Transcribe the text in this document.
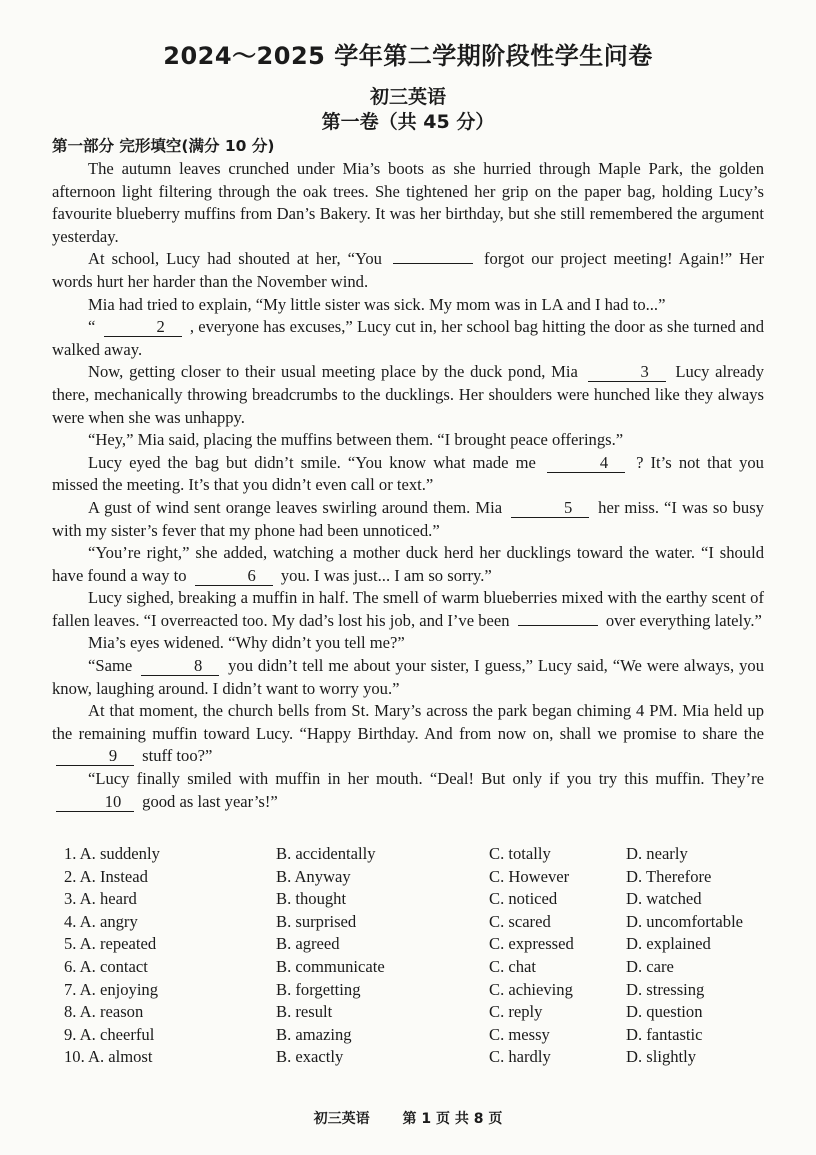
2024～2025 学年第二学期阶段性学生问卷
初三英语
第一卷（共 45 分）
第一部分 完形填空(满分 10 分)

The autumn leaves crunched under Mia’s boots as she hurried through Maple Park, the golden afternoon light filtering through the oak trees. She tightened her grip on the paper bag, holding Lucy’s favourite blueberry muffins from Dan’s Bakery. It was her birthday, but she still remembered the argument yesterday.

At school, Lucy had shouted at her, “You	forgot our project meeting! Again!” Her words hurt her harder than the November wind.

Mia had tried to explain, “My little sister was sick. My mom was in LA and I had to...”

“	2 , everyone has excuses,” Lucy cut in, her school bag hitting the door as she turned and walked away.

Now, getting closer to their usual meeting place by the duck pond, Mia	3 Lucy already there, mechanically throwing breadcrumbs to the ducklings. Her shoulders were hunched like they always were when she was unhappy.

“Hey,” Mia said, placing the muffins between them. “I brought peace offerings.”

Lucy eyed the bag but didn’t smile. “You know what made me	4 ? It’s not that you missed the meeting. It’s that you didn’t even call or text.”

A gust of wind sent orange leaves swirling around them. Mia	5 her miss. “I was so busy with my sister’s fever that my phone had been unnoticed.”

“You’re right,” she added, watching a mother duck herd her ducklings toward the water. “I should have found a way to	6 you. I was just... I am so sorry.”

Lucy sighed, breaking a muffin in half. The smell of warm blueberries mixed with the earthy scent of fallen leaves. “I overreacted too. My dad’s lost his job, and I’ve been	over everything lately.”

Mia’s eyes widened. “Why didn’t you tell me?”

“Same	8 you didn’t tell me about your sister, I guess,” Lucy said, “We were always, you know, laughing around. I didn’t want to worry you.”

At that moment, the church bells from St. Mary’s across the park began chiming 4 PM. Mia held up the remaining muffin toward Lucy. “Happy Birthday. And from now on, shall we promise to share the 9 stuff too?”

“Lucy finally smiled with muffin in her mouth. “Deal! But only if you try this muffin. They’re 10 good as last year’s!”

1. A. suddenly	B. accidentally	C. totally	D. nearly
2. A. Instead	B. Anyway	C. However	D. Therefore
3. A. heard	B. thought	C. noticed	D. watched
4. A. angry	B. surprised	C. scared	D. uncomfortable
5. A. repeated	B. agreed	C. expressed	D. explained
6. A. contact	B. communicate	C. chat	D. care
7. A. enjoying	B. forgetting	C. achieving	D. stressing
8. A. reason	B. result	C. reply	D. question
9. A. cheerful	B. amazing	C. messy	D. fantastic
10. A. almost	B. exactly	C. hardly	D. slightly
初三英语 第 1 页 共 8 页
